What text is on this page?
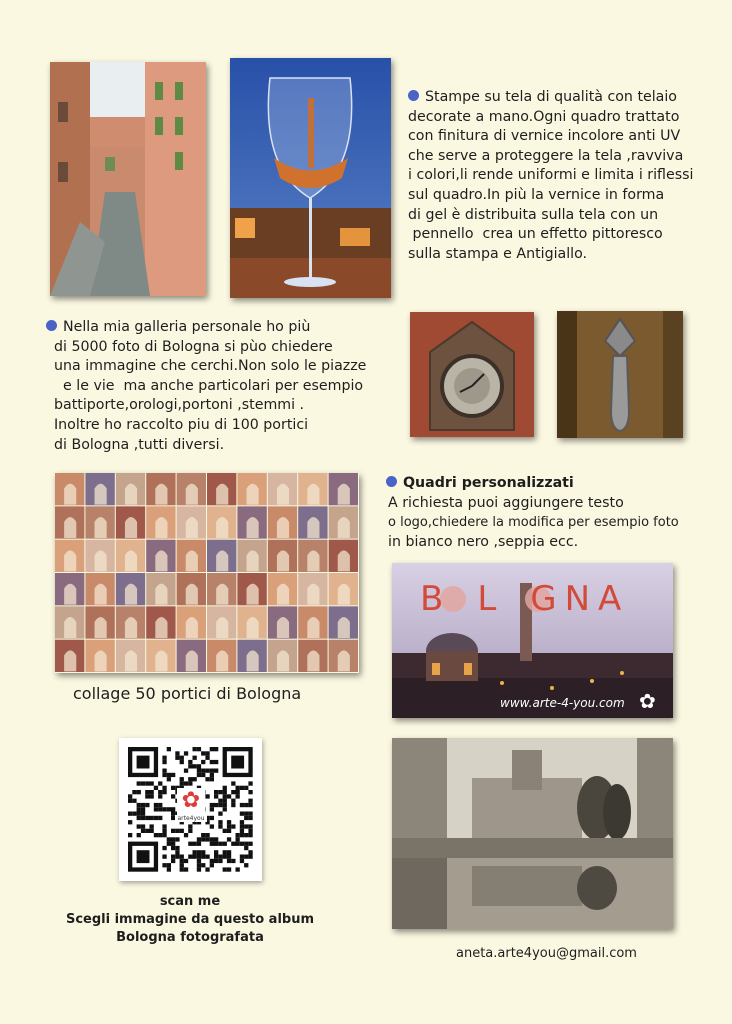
Stampe su tela di qualità con telaio
decorate a mano.Ogni quadro trattato
con finitura di vernice incolore anti UV
che serve a proteggere la tela ,ravviva
i colori,li rende uniformi e limita i riflessi
sul quadro.In più la vernice in forma
di gel è distribuita sulla tela con un
pennello  crea un effetto pittoresco
sulla stampa e Antigiallo.
Nella mia galleria personale ho più
di 5000 foto di Bologna si pùo chiedere
una immagine che cerchi.Non solo le piazze
e le vie  ma anche particolari per esempio
battiporte,orologi,portoni ,stemmi .
Inoltre ho raccolto piu di 100 portici
di Bologna ,tutti diversi.
Quadri personalizzati
A richiesta puoi aggiungere testo
o logo,chiedere la modifica per esempio foto
in bianco nero ,seppia ecc.
collage 50 portici di Bologna
B L GNA
www.arte-4-you.com ✿
✿
arte4you
scan me
Scegli immagine da questo album
Bologna fotografata
aneta.arte4you@gmail.com
